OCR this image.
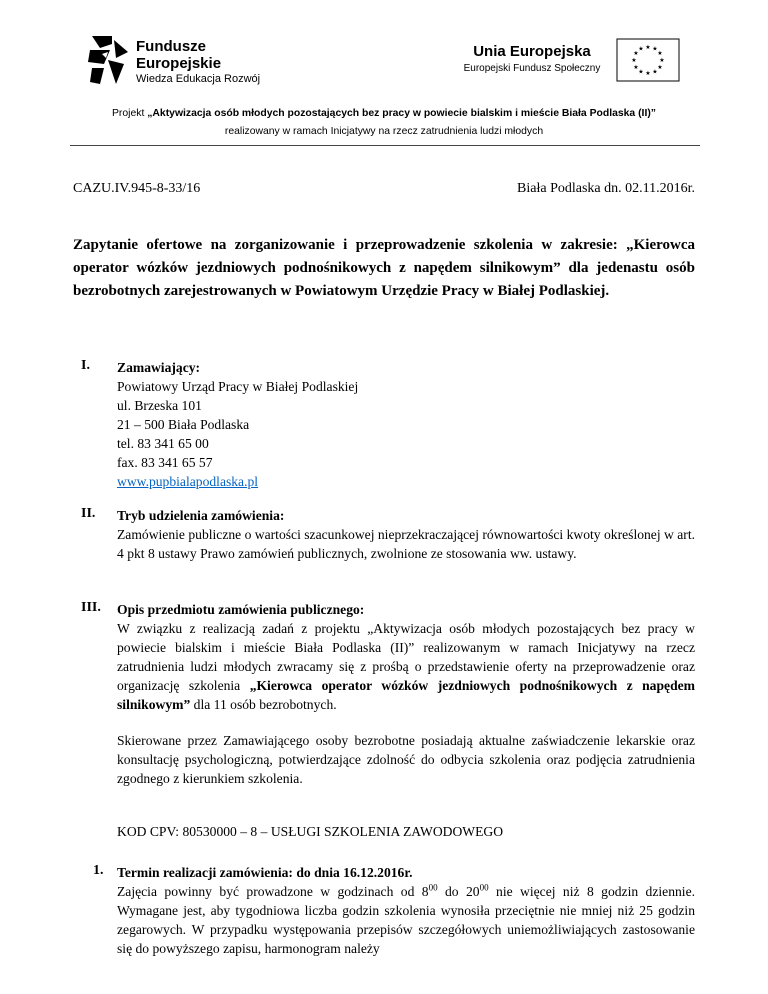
Fundusze
Europejskie
Wiedza Edukacja Rozwój
Unia Europejska
Europejski Fundusz Społeczny
★ ★
★
★
★
★
★
★
★
★
★
★
Projekt „Aktywizacja osób młodych pozostających bez pracy w powiecie bialskim i mieście Biała Podlaska (II)”
realizowany w ramach Inicjatywy na rzecz zatrudnienia ludzi młodych
CAZU.IV.945-8-33/16	Biała Podlaska dn. 02.11.2016r.
Zapytanie ofertowe na zorganizowanie i przeprowadzenie szkolenia w zakresie: „Kierowca operator wózków jezdniowych podnośnikowych z napędem silnikowym” dla jedenastu osób bezrobotnych zarejestrowanych w Powiatowym Urzędzie Pracy w Białej Podlaskiej.
I. Zamawiający:
Powiatowy Urząd Pracy w Białej Podlaskiej
ul. Brzeska 101
21 – 500 Biała Podlaska
tel. 83 341 65 00
fax. 83 341 65 57
www.pupbialapodlaska.pl
II. Tryb udzielenia zamówienia:
Zamówienie publiczne o wartości szacunkowej nieprzekraczającej równowartości kwoty określonej w art. 4 pkt 8 ustawy Prawo zamówień publicznych, zwolnione ze stosowania ww. ustawy.
III. Opis przedmiotu zamówienia publicznego:
W związku z realizacją zadań z projektu „Aktywizacja osób młodych pozostających bez pracy w powiecie bialskim i mieście Biała Podlaska (II)” realizowanym w ramach Inicjatywy na rzecz zatrudnienia ludzi młodych zwracamy się z prośbą o przedstawienie oferty na przeprowadzenie oraz organizację szkolenia „Kierowca operator wózków jezdniowych podnośnikowych z napędem silnikowym” dla 11 osób bezrobotnych.
Skierowane przez Zamawiającego osoby bezrobotne posiadają aktualne zaświadczenie lekarskie oraz konsultację psychologiczną, potwierdzające zdolność do odbycia szkolenia oraz podjęcia zatrudnienia zgodnego z kierunkiem szkolenia.
KOD CPV: 80530000 – 8 – USŁUGI SZKOLENIA ZAWODOWEGO
1. Termin realizacji zamówienia: do dnia 16.12.2016r.
Zajęcia powinny być prowadzone w godzinach od $8^{00}$ do $20^{00}$ nie więcej niż 8 godzin dziennie. Wymagane jest, aby tygodniowa liczba godzin szkolenia wynosiła przeciętnie nie mniej niż 25 godzin zegarowych. W przypadku występowania przepisów szczegółowych uniemożliwiających zastosowanie się do powyższego zapisu, harmonogram należy
